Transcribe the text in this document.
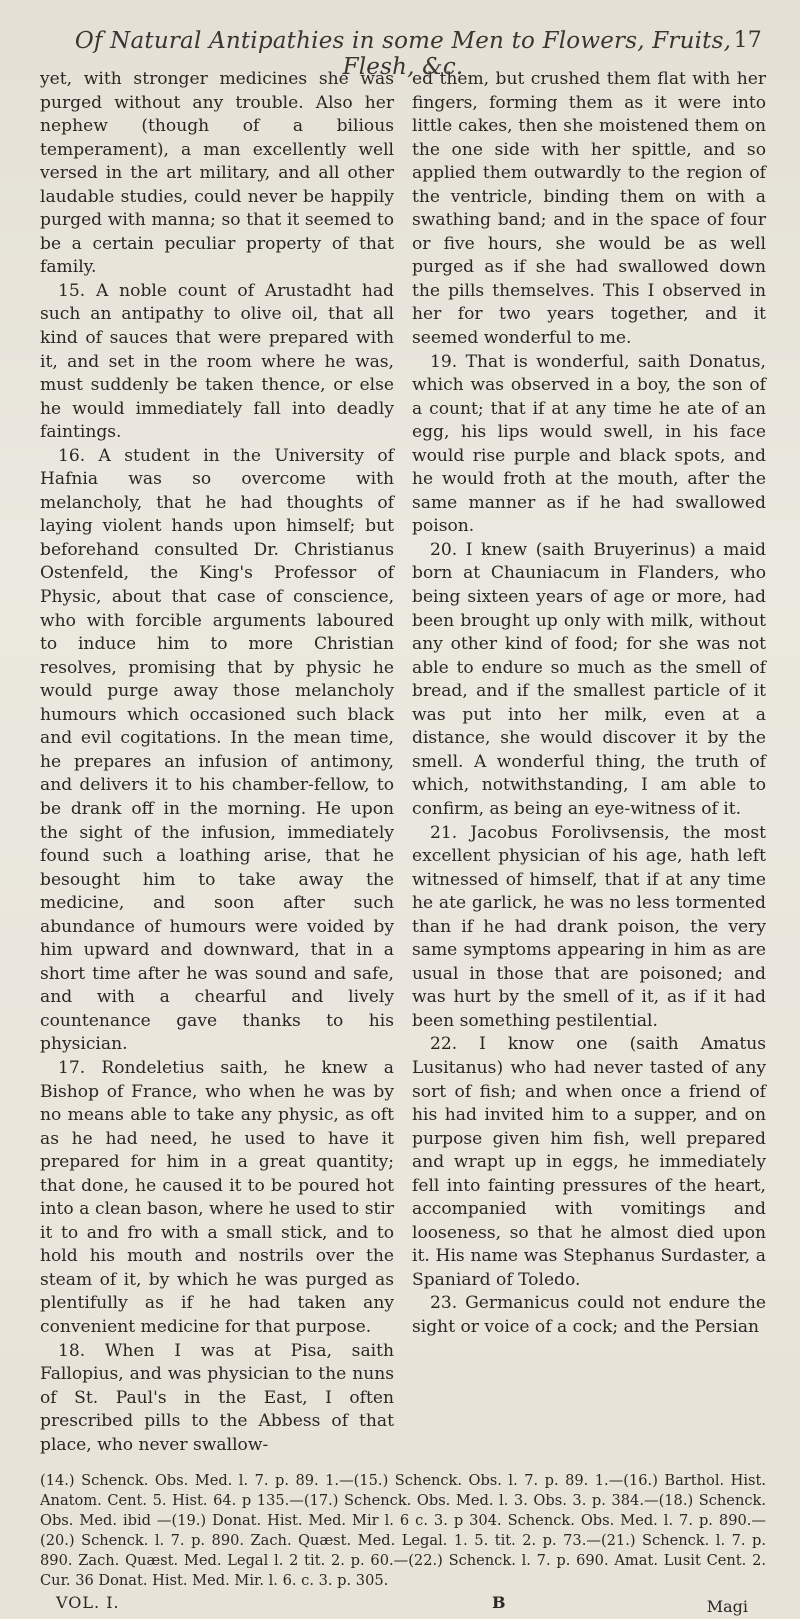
Of Natural Antipathies in some Men to Flowers, Fruits, Flesh, &c.
17

yet, with stronger medicines she was purged without any trouble. Also her nephew (though of a bilious temperament), a man excellently well versed in the art military, and all other laudable studies, could never be happily purged with manna; so that it seemed to be a certain peculiar property of that family.

15. A noble count of Arustadht had such an antipathy to olive oil, that all kind of sauces that were prepared with it, and set in the room where he was, must suddenly be taken thence, or else he would immediately fall into deadly faintings.

16. A student in the University of Hafnia was so overcome with melancholy, that he had thoughts of laying violent hands upon himself; but beforehand consulted Dr. Christianus Ostenfeld, the King's Professor of Physic, about that case of conscience, who with forcible arguments laboured to induce him to more Christian resolves, promising that by physic he would purge away those melancholy humours which occasioned such black and evil cogitations. In the mean time, he prepares an infusion of antimony, and delivers it to his chamber-fellow, to be drank off in the morning. He upon the sight of the infusion, immediately found such a loathing arise, that he besought him to take away the medicine, and soon after such abundance of humours were voided by him upward and downward, that in a short time after he was sound and safe, and with a chearful and lively countenance gave thanks to his physician.

17. Rondeletius saith, he knew a Bishop of France, who when he was by no means able to take any physic, as oft as he had need, he used to have it prepared for him in a great quantity; that done, he caused it to be poured hot into a clean bason, where he used to stir it to and fro with a small stick, and to hold his mouth and nostrils over the steam of it, by which he was purged as plentifully as if he had taken any convenient medicine for that purpose.

18. When I was at Pisa, saith Fallopius, and was physician to the nuns of St. Paul's in the East, I often prescribed pills to the Abbess of that place, who never swallow-

ed them, but crushed them flat with her fingers, forming them as it were into little cakes, then she moistened them on the one side with her spittle, and so applied them outwardly to the region of the ventricle, binding them on with a swathing band; and in the space of four or five hours, she would be as well purged as if she had swallowed down the pills themselves. This I observed in her for two years together, and it seemed wonderful to me.

19. That is wonderful, saith Donatus, which was observed in a boy, the son of a count; that if at any time he ate of an egg, his lips would swell, in his face would rise purple and black spots, and he would froth at the mouth, after the same manner as if he had swallowed poison.

20. I knew (saith Bruyerinus) a maid born at Chauniacum in Flanders, who being sixteen years of age or more, had been brought up only with milk, without any other kind of food; for she was not able to endure so much as the smell of bread, and if the smallest particle of it was put into her milk, even at a distance, she would discover it by the smell. A wonderful thing, the truth of which, notwithstanding, I am able to confirm, as being an eye-witness of it.

21. Jacobus Forolivsensis, the most excellent physician of his age, hath left witnessed of himself, that if at any time he ate garlick, he was no less tormented than if he had drank poison, the very same symptoms appearing in him as are usual in those that are poisoned; and was hurt by the smell of it, as if it had been something pestilential.

22. I know one (saith Amatus Lusitanus) who had never tasted of any sort of fish; and when once a friend of his had invited him to a supper, and on purpose given him fish, well prepared and wrapt up in eggs, he immediately fell into fainting pressures of the heart, accompanied with vomitings and looseness, so that he almost died upon it. His name was Stephanus Surdaster, a Spaniard of Toledo.

23. Germanicus could not endure the sight or voice of a cock; and the Persian

(14.) Schenck. Obs. Med. l. 7. p. 89. 1.—(15.) Schenck. Obs. l. 7. p. 89. 1.—(16.) Barthol. Hist. Anatom. Cent. 5. Hist. 64. p 135.—(17.) Schenck. Obs. Med. l. 3. Obs. 3. p. 384.—(18.) Schenck. Obs. Med. ibid —(19.) Donat. Hist. Med. Mir l. 6 c. 3. p 304. Schenck. Obs. Med. l. 7. p. 890.—(20.) Schenck. l. 7. p. 890. Zach. Quæst. Med. Legal. 1. 5. tit. 2. p. 73.—(21.) Schenck. l. 7. p. 890. Zach. Quæst. Med. Legal l. 2 tit. 2. p. 60.—(22.) Schenck. l. 7. p. 690. Amat. Lusit Cent. 2. Cur. 36 Donat. Hist. Med. Mir. l. 6. c. 3. p. 305.
VOL. I.	B	Magi
